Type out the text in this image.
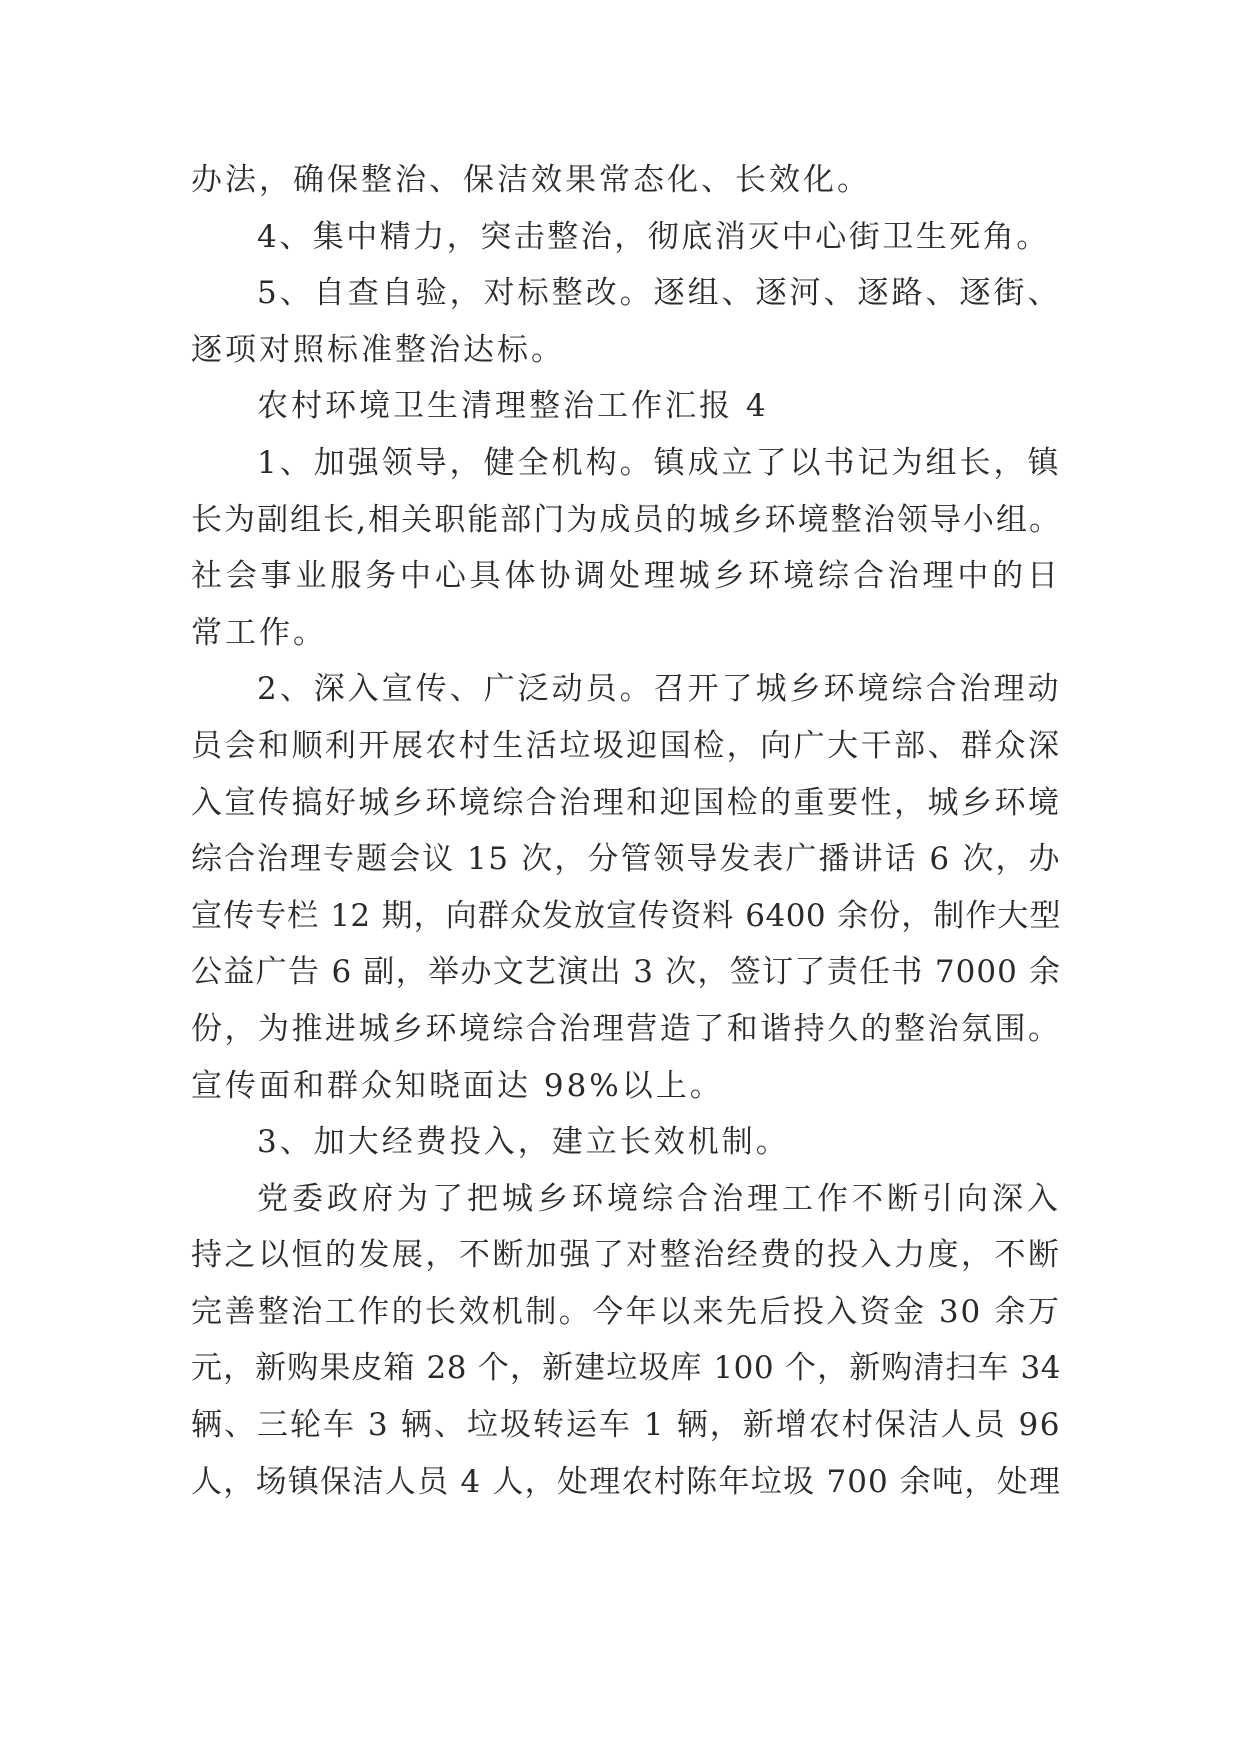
办法，确保整治、保洁效果常态化、长效化。
4、集中精力，突击整治，彻底消灭中心街卫生死角。
5、自查自验，对标整改。逐组、逐河、逐路、逐街、
逐项对照标准整治达标。
农村环境卫生清理整治工作汇报 4
1、加强领导，健全机构。镇成立了以书记为组长，镇
长为副组长,相关职能部门为成员的城乡环境整治领导小组。
社会事业服务中心具体协调处理城乡环境综合治理中的日
常工作。
2、深入宣传、广泛动员。召开了城乡环境综合治理动
员会和顺利开展农村生活垃圾迎国检，向广大干部、群众深
入宣传搞好城乡环境综合治理和迎国检的重要性，城乡环境
综合治理专题会议 15 次，分管领导发表广播讲话 6 次，办
宣传专栏 12 期，向群众发放宣传资料 6400 余份，制作大型
公益广告 6 副，举办文艺演出 3 次，签订了责任书 7000 余
份，为推进城乡环境综合治理营造了和谐持久的整治氛围。
宣传面和群众知晓面达 98%以上。
3、加大经费投入，建立长效机制。
党委政府为了把城乡环境综合治理工作不断引向深入
持之以恒的发展，不断加强了对整治经费的投入力度，不断
完善整治工作的长效机制。今年以来先后投入资金 30 余万
元，新购果皮箱 28 个，新建垃圾库 100 个，新购清扫车 34
辆、三轮车 3 辆、垃圾转运车 1 辆，新增农村保洁人员 96
人，场镇保洁人员 4 人，处理农村陈年垃圾 700 余吨，处理
